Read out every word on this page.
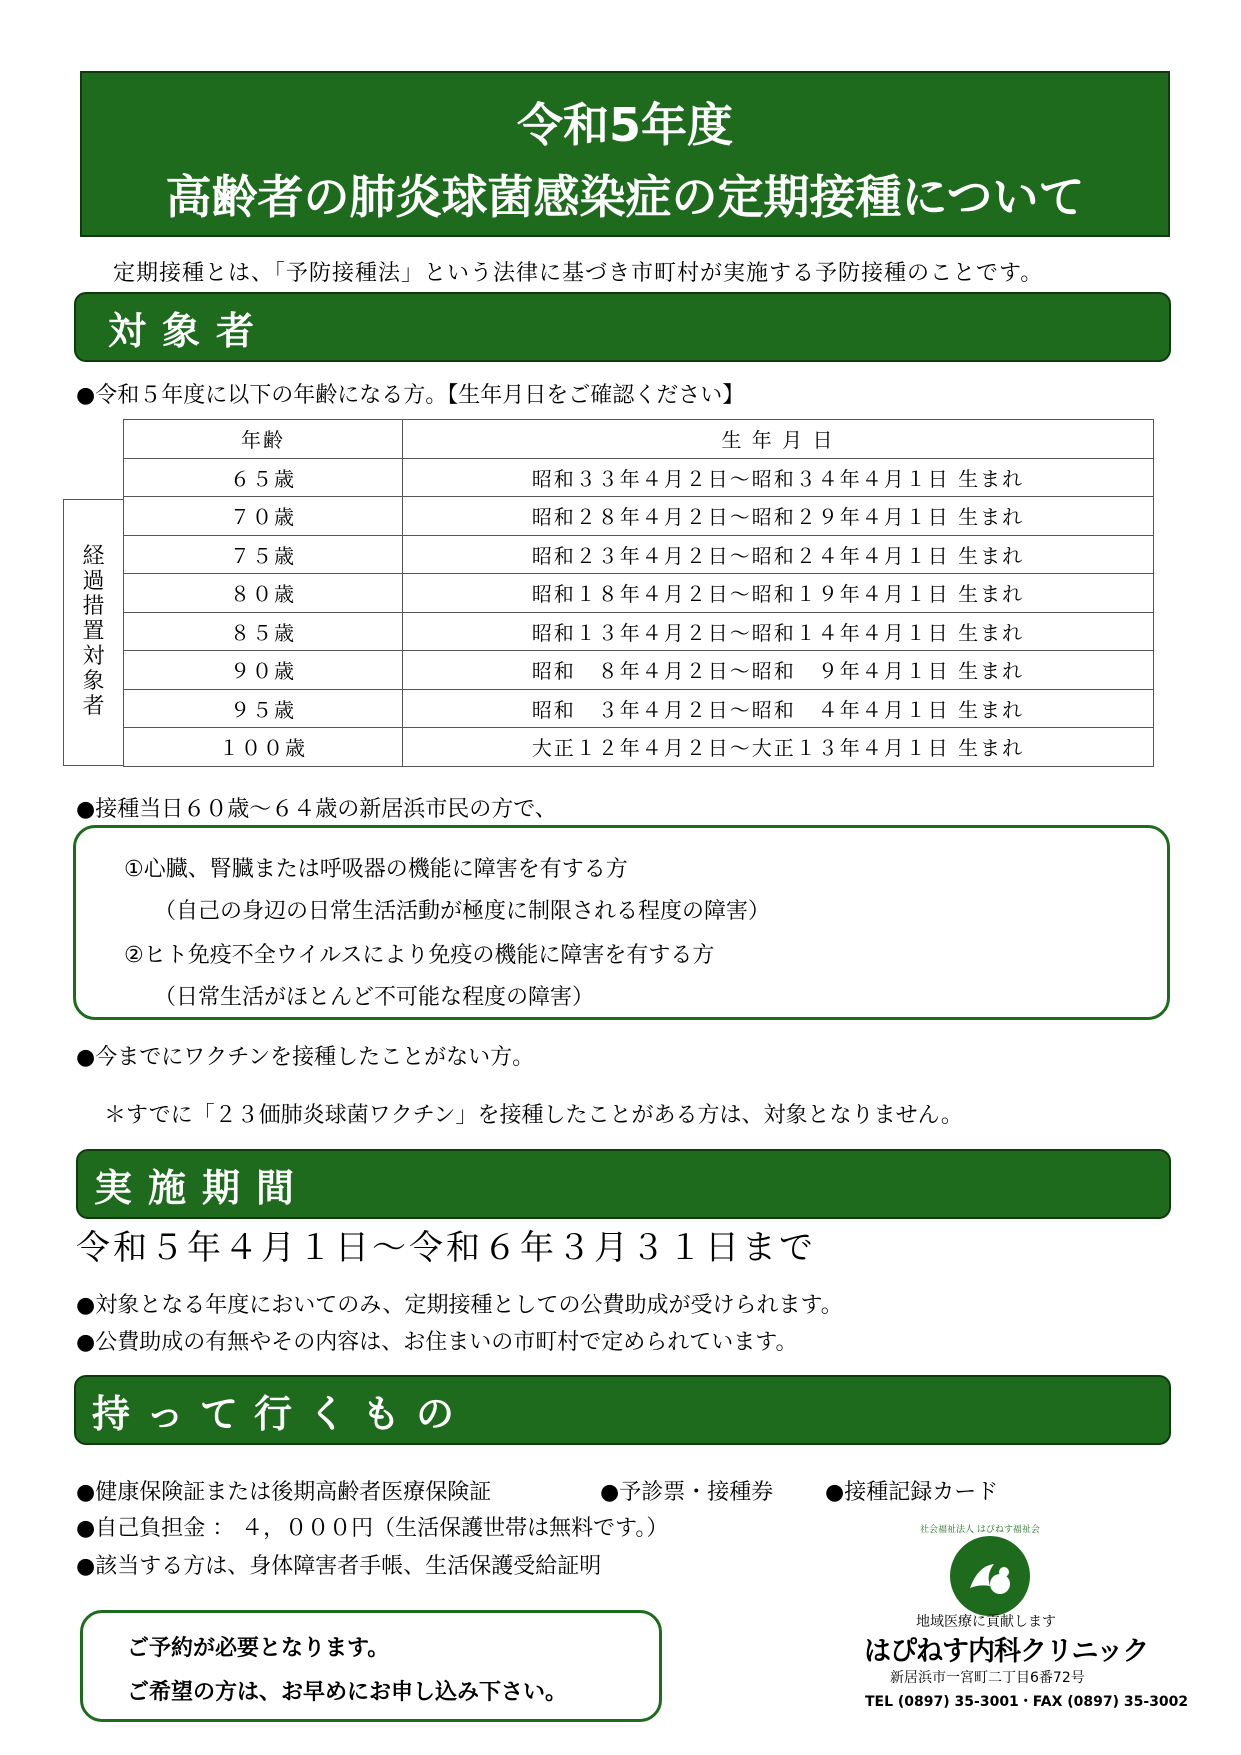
令和5年度
高齢者の肺炎球菌感染症の定期接種について
定期接種とは、「予防接種法」という法律に基づき市町村が実施する予防接種のことです。
対象者
●令和５年度に以下の年齢になる方。【生年月日をご確認ください】
経
過
措
置
対
象
者
年齢	生 年 月 日
６５歳	昭和３３年４月２日～昭和３４年４月１日 生まれ
７０歳	昭和２８年４月２日～昭和２９年４月１日 生まれ
７５歳	昭和２３年４月２日～昭和２４年４月１日 生まれ
８０歳	昭和１８年４月２日～昭和１９年４月１日 生まれ
８５歳	昭和１３年４月２日～昭和１４年４月１日 生まれ
９０歳	昭和　８年４月２日～昭和　９年４月１日 生まれ
９５歳	昭和　３年４月２日～昭和　４年４月１日 生まれ
１００歳	大正１２年４月２日～大正１３年４月１日 生まれ
●接種当日６０歳～６４歳の新居浜市民の方で、
①心臓、腎臓または呼吸器の機能に障害を有する方
（自己の身辺の日常生活活動が極度に制限される程度の障害）
②ヒト免疫不全ウイルスにより免疫の機能に障害を有する方
（日常生活がほとんど不可能な程度の障害）
●今までにワクチンを接種したことがない方。
＊すでに「２３価肺炎球菌ワクチン」を接種したことがある方は、対象となりません。
実施期間
令和５年４月１日～令和６年３月３１日まで
●対象となる年度においてのみ、定期接種としての公費助成が受けられます。
●公費助成の有無やその内容は、お住まいの市町村で定められています。
持って行くもの
●健康保険証または後期高齢者医療保険証	●予診票・接種券 ●接種記録カード
●自己負担金 ： ４，０００円（生活保護世帯は無料です。）
●該当する方は、身体障害者手帳、生活保護受給証明
ご予約が必要となります。
ご希望の方は、お早めにお申し込み下さい。
社会福祉法人 はぴねす福祉会
地域医療に貢献します
はぴねす内科クリニック
新居浜市一宮町二丁目6番72号
TEL (0897) 35-3001・FAX (0897) 35-3002
